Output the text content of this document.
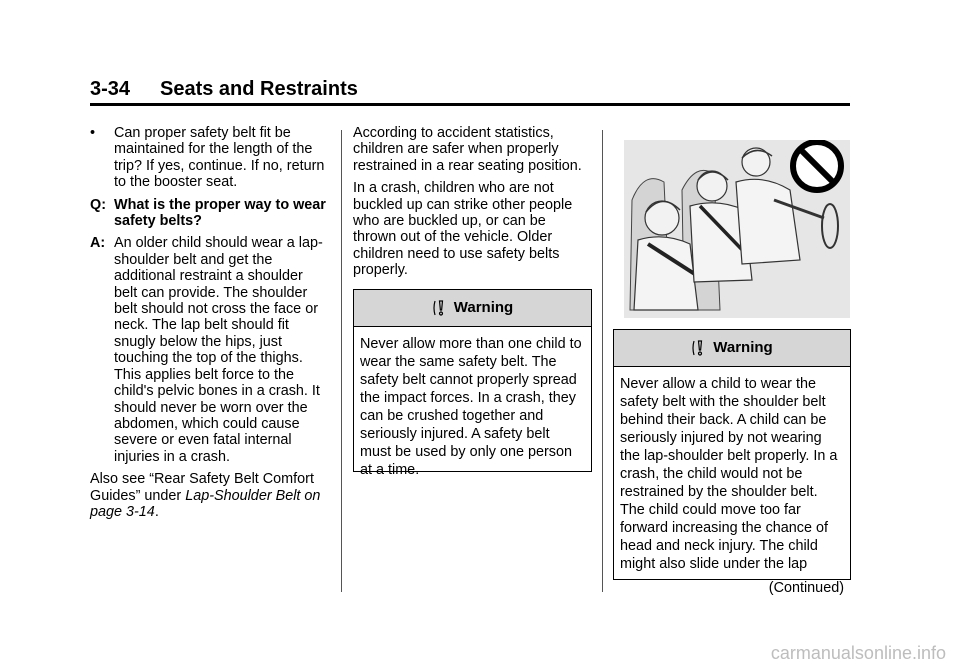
3-34 Seats and Restraints
•	Can proper safety belt fit be maintained for the length of the trip? If yes, continue. If no, return to the booster seat.
Q: What is the proper way to wear safety belts?
A: An older child should wear a lap-shoulder belt and get the additional restraint a shoulder belt can provide. The shoulder belt should not cross the face or neck. The lap belt should fit snugly below the hips, just touching the top of the thighs. This applies belt force to the child's pelvic bones in a crash. It should never be worn over the abdomen, which could cause severe or even fatal internal injuries in a crash.

Also see “Rear Safety Belt Comfort Guides” under Lap-Shoulder Belt on page 3-14.

According to accident statistics, children are safer when properly restrained in a rear seating position.

In a crash, children who are not buckled up can strike other people who are buckled up, or can be thrown out of the vehicle. Older children need to use safety belts properly.

Warning
Never allow more than one child to wear the same safety belt. The safety belt cannot properly spread the impact forces. In a crash, they can be crushed together and seriously injured. A safety belt must be used by only one person at a time.
Warning
Never allow a child to wear the safety belt with the shoulder belt behind their back. A child can be seriously injured by not wearing the lap-shoulder belt properly. In a crash, the child would not be restrained by the shoulder belt. The child could move too far forward increasing the chance of head and neck injury. The child might also slide under the lap
(Continued)
carmanualsonline.info
